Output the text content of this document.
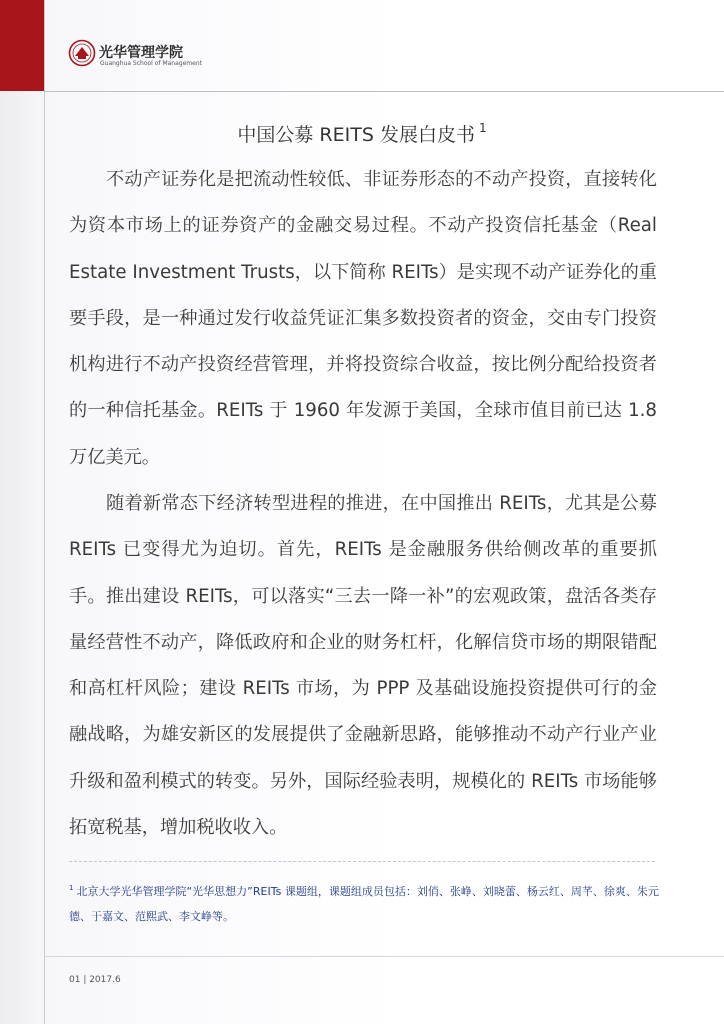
光华管理学院
Guanghua School of Management
中国公募 REITS 发展白皮书 $^1$

不动产证券化是把流动性较低、非证券形态的不动产投资，直接转化为资本市场上的证券资产的金融交易过程。不动产投资信托基金（Real Estate Investment Trusts，以下简称 REITs）是实现不动产证券化的重要手段，是一种通过发行收益凭证汇集多数投资者的资金，交由专门投资机构进行不动产投资经营管理，并将投资综合收益，按比例分配给投资者的一种信托基金。REITs 于 1960 年发源于美国，全球市值目前已达 1.8 万亿美元。

随着新常态下经济转型进程的推进，在中国推出 REITs，尤其是公募 REITs 已变得尤为迫切。首先，REITs 是金融服务供给侧改革的重要抓手。推出建设 REITs，可以落实“三去一降一补”的宏观政策，盘活各类存量经营性不动产，降低政府和企业的财务杠杆，化解信贷市场的期限错配和高杠杆风险；建设 REITs 市场，为 PPP 及基础设施投资提供可行的金融战略，为雄安新区的发展提供了金融新思路，能够推动不动产行业产业升级和盈利模式的转变。另外，国际经验表明，规模化的 REITs 市场能够拓宽税基，增加税收收入。

$^1$ 北京大学光华管理学院“光华思想力”REITs 课题组，课题组成员包括：刘俏、张峥、刘晓蕾、杨云红、周芊、徐爽、朱元德、于嘉文、范熙武、李文峥等。

01 | 2017.6
